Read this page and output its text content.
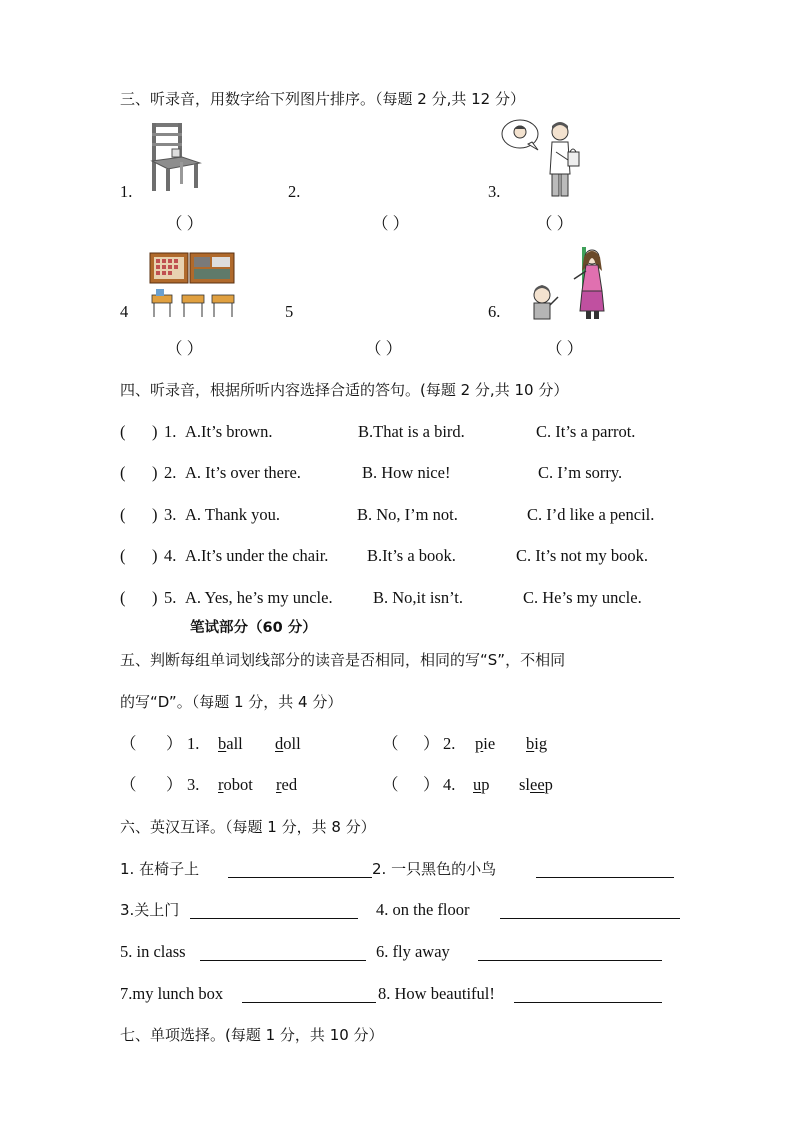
三、听录音，用数字给下列图片排序。（每题 2 分,共 12 分）
1.	2.	3.
（ ）	（ ）	（ ）
4	5	6.
（ ）	（ ）	（ ）
四、听录音，根据所听内容选择合适的答句。(每题 2 分,共 10 分）
( ) 1. A.It’s brown.	B.That is a bird.	C. It’s a parrot.
( ) 2. A. It’s over there.	B. How nice!	C. I’m sorry.
( ) 3. A. Thank you.	B. No, I’m not.	C. I’d like a pencil.
( ) 4. A.It’s under the chair. B.It’s a book.	C. It’s not my book.
( ) 5. A. Yes, he’s my uncle. B. No,it isn’t.	C. He’s my uncle.
笔试部分（60 分）
五、判断每组单词划线部分的读音是否相同，相同的写“S”，不相同
的写“D”。（每题 1 分，共 4 分）
（ ） 1. ball doll	（ ） 2. pie big
（ ） 3. robot red	（ ） 4. up sleep
六、英汉互译。（每题 1 分，共 8 分）
1. 在椅子上	2. 一只黑色的小鸟
3.关上门	4. on the floor
5. in class	6. fly away
7.my lunch box	8. How beautiful!
七、单项选择。(每题 1 分，共 10 分）
